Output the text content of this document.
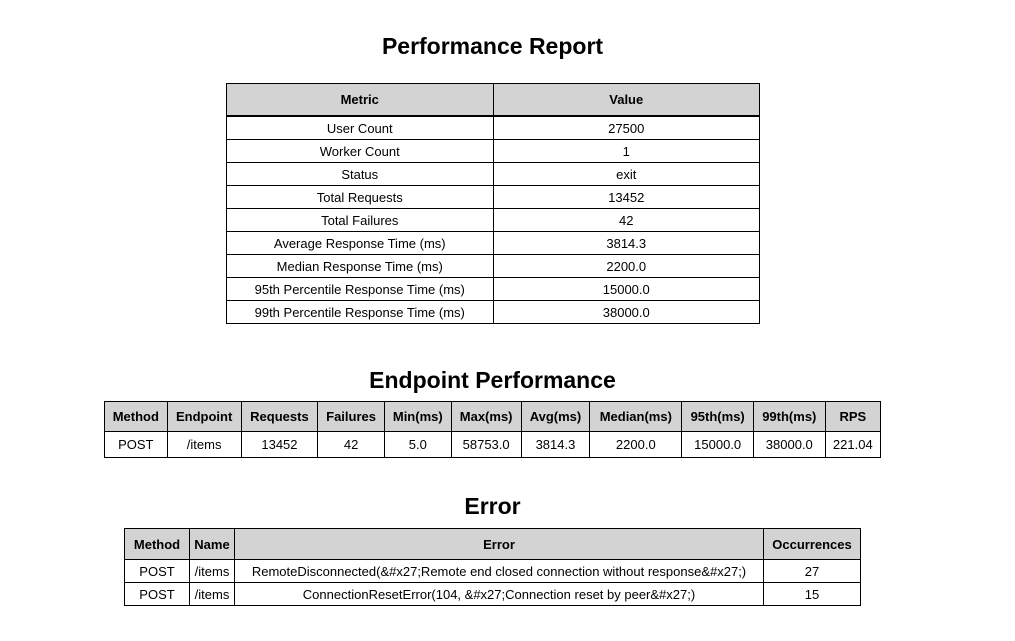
Performance Report
Metric	Value

User Count	27500
Worker Count	1
Status	exit
Total Requests	13452
Total Failures	42
Average Response Time (ms)	3814.3
Median Response Time (ms)	2200.0
95th Percentile Response Time (ms)	15000.0
99th Percentile Response Time (ms)	38000.0
Endpoint Performance
Method	Endpoint	Requests	Failures	Min(ms)	Max(ms)	Avg(ms)	Median(ms)	95th(ms)	99th(ms)	RPS
POST	/items	13452	42	5.0	58753.0	3814.3	2200.0	15000.0	38000.0	221.04
Error
Method	Name	Error	Occurrences
POST	/items	RemoteDisconnected(&#x27;Remote end closed connection without response&#x27;)	27
POST	/items	ConnectionResetError(104, &#x27;Connection reset by peer&#x27;)	15
